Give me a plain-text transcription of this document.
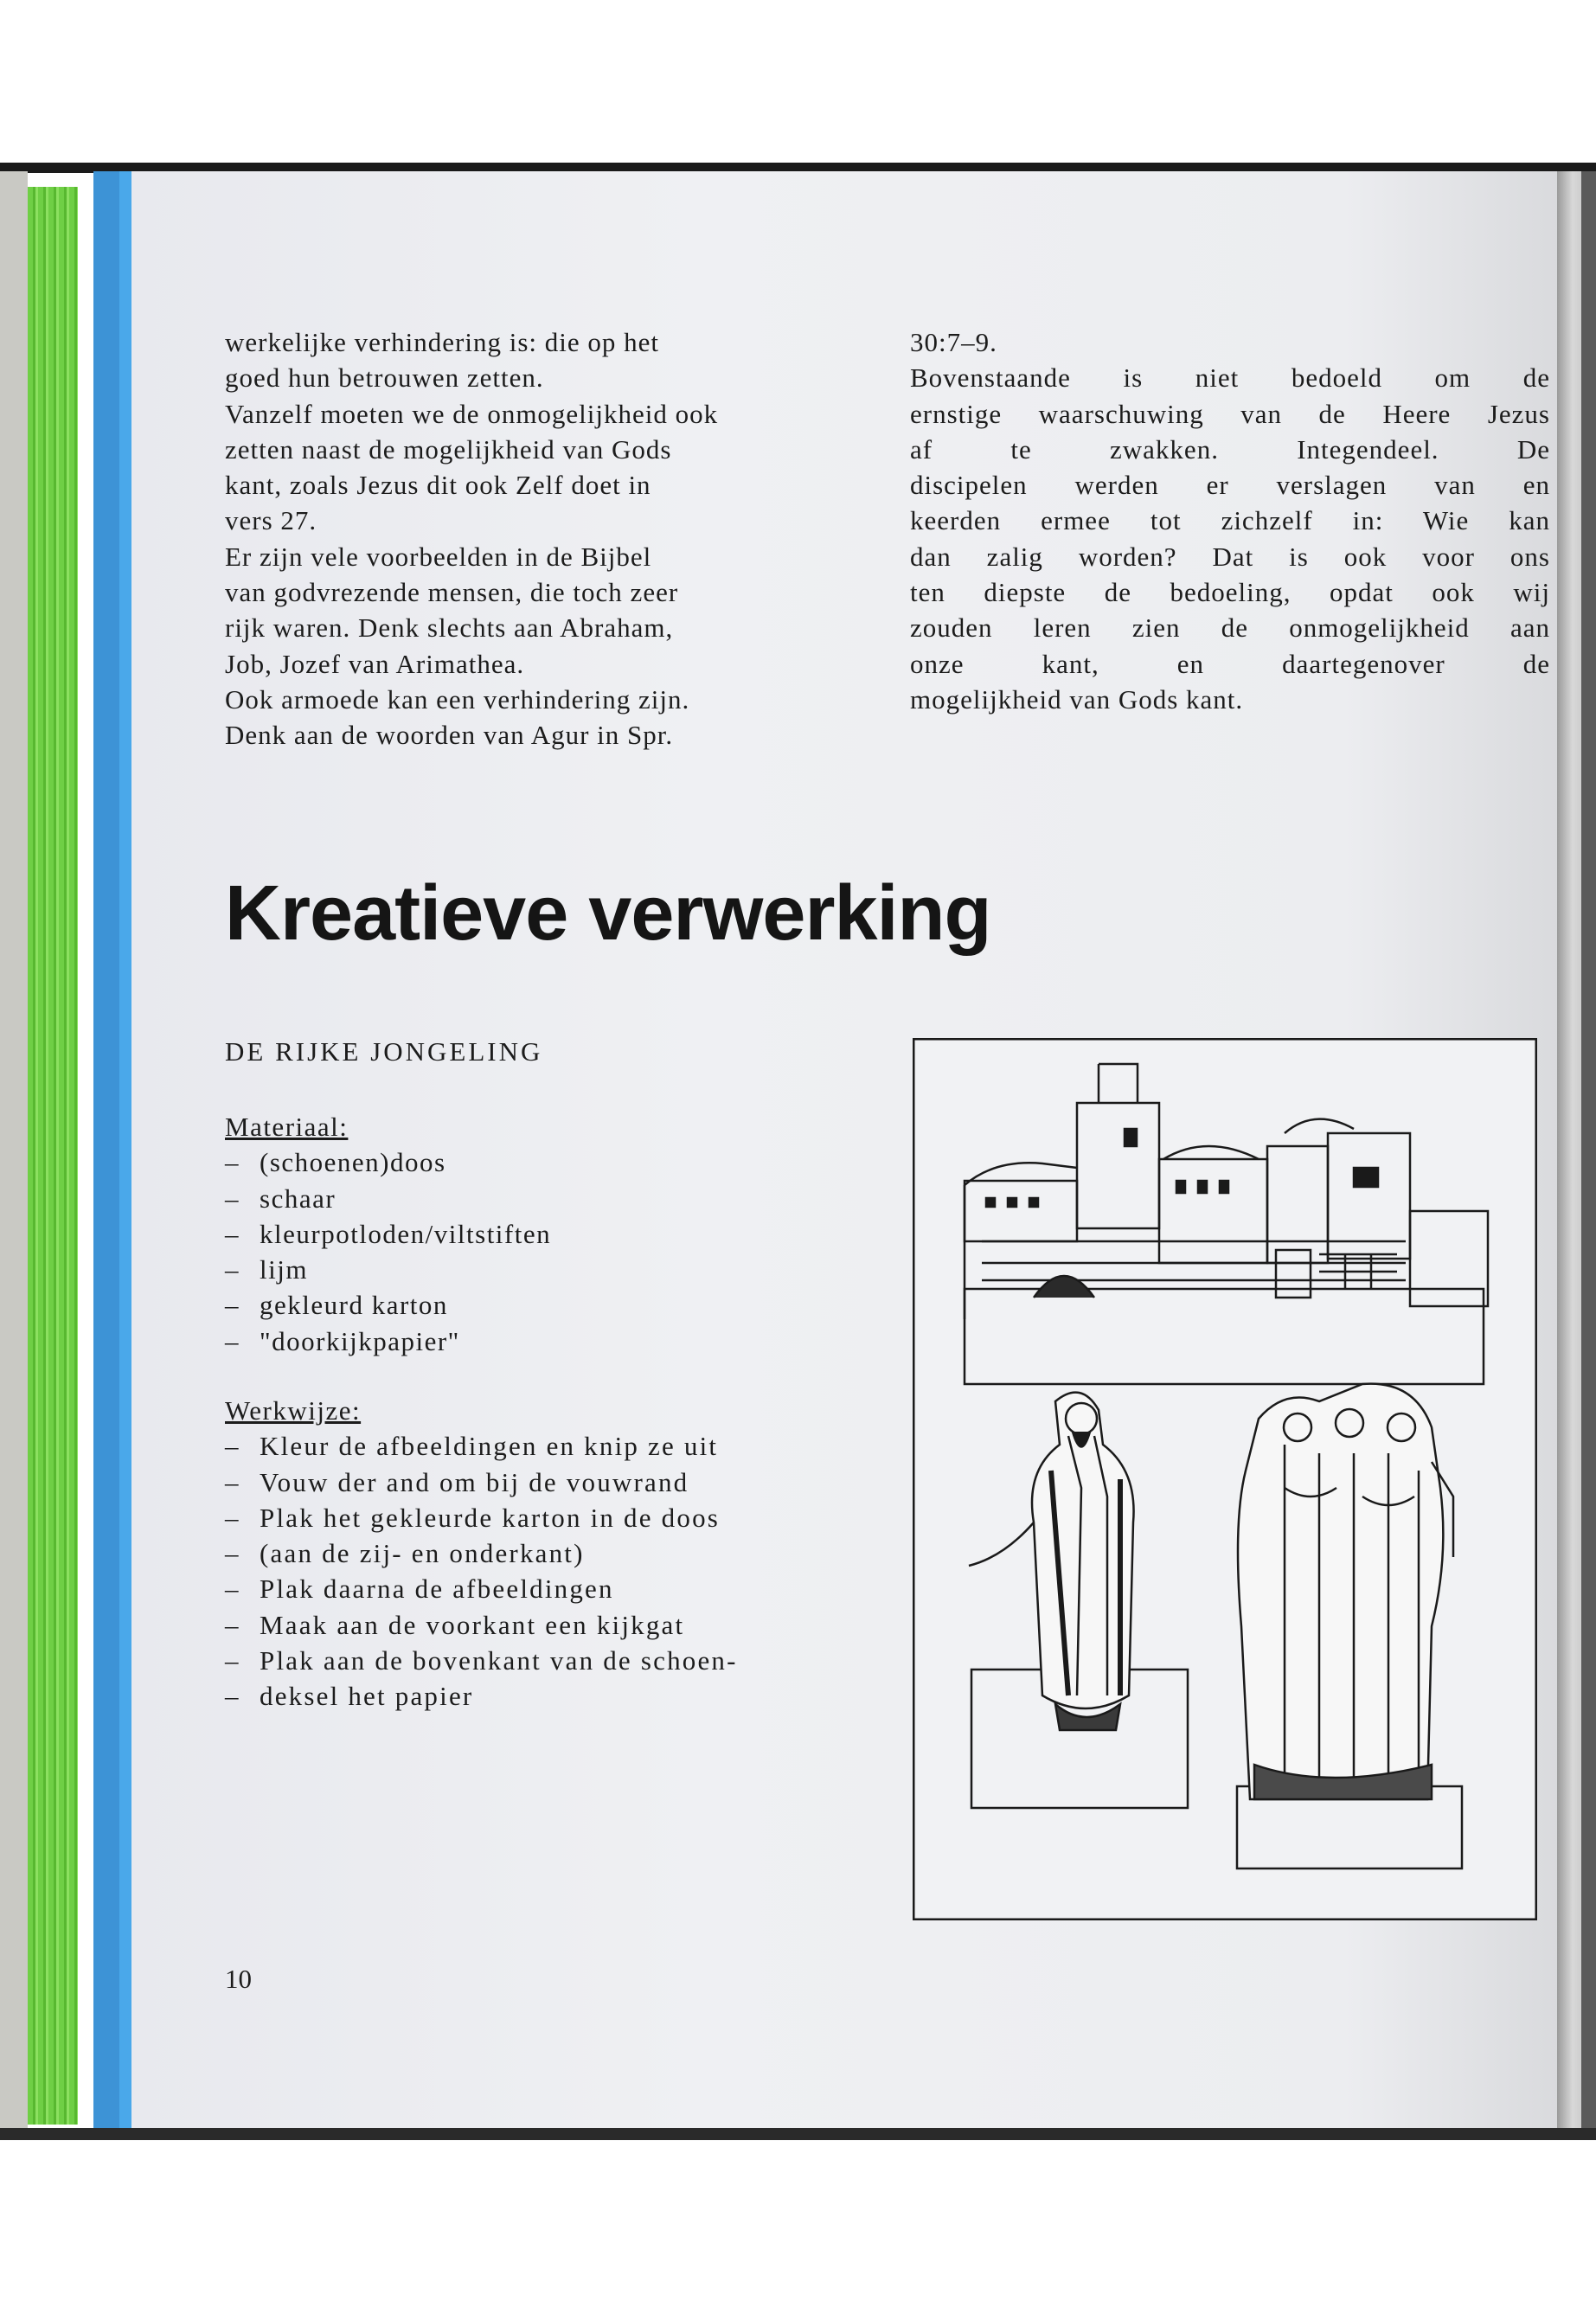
werkelijke verhindering is: die op het

goed hun betrouwen zetten.

Vanzelf moeten we de onmogelijkheid ook

zetten naast de mogelijkheid van Gods

kant, zoals Jezus dit ook Zelf doet in

vers 27.

Er zijn vele voorbeelden in de Bijbel

van godvrezende mensen, die toch zeer

rijk waren. Denk slechts aan Abraham,

Job, Jozef van Arimathea.

Ook armoede kan een verhindering zijn.

Denk aan de woorden van Agur in Spr.

30:7–9.

Bovenstaande is niet bedoeld om de

ernstige waarschuwing van de Heere Jezus

af te zwakken. Integendeel. De

discipelen werden er verslagen van en

keerden ermee tot zichzelf in: Wie kan

dan zalig worden? Dat is ook voor ons

ten diepste de bedoeling, opdat ook wij

zouden leren zien de onmogelijkheid aan

onze kant, en daartegenover de

mogelijkheid van Gods kant.

Kreatieve verwerking
DE RIJKE JONGELING
Materiaal:
– (schoenen)doos
– schaar
– kleurpotloden/viltstiften
– lijm
– gekleurd karton
– "doorkijkpapier"
Werkwijze:
– Kleur de afbeeldingen en knip ze uit
– Vouw der and om bij de vouwrand
– Plak het gekleurde karton in de doos
– (aan de zij- en onderkant)
– Plak daarna de afbeeldingen
– Maak aan de voorkant een kijkgat
– Plak aan de bovenkant van de schoen-
– deksel het papier
10
